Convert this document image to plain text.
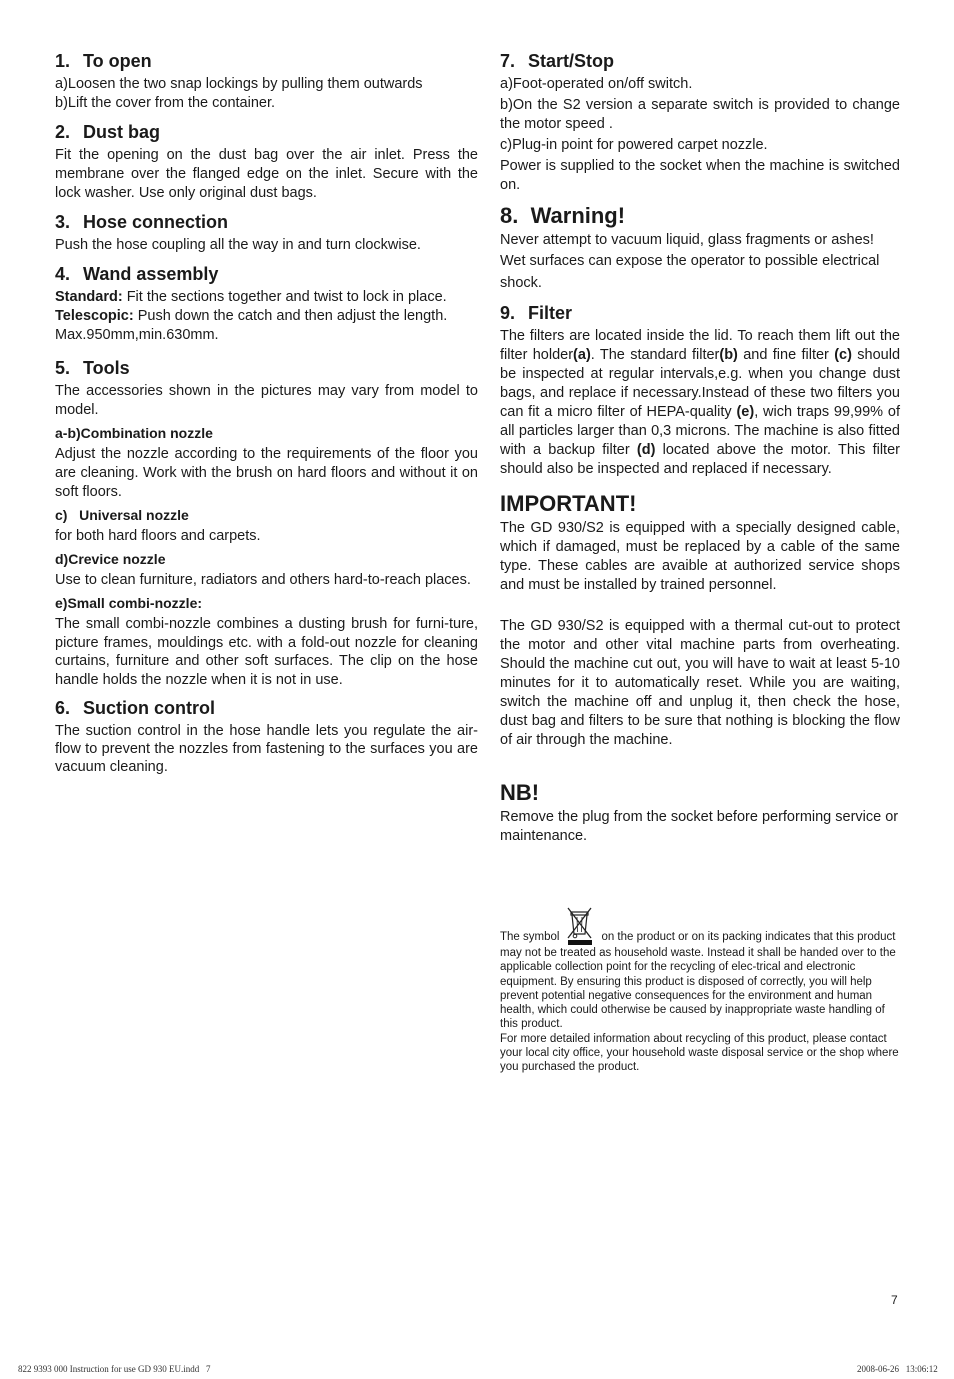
1. To open

a)Loosen the two snap lockings by pulling them outwards

b)Lift the cover from the container.

2. Dust bag

Fit the opening on the dust bag over the air inlet. Press the membrane over the flanged edge on the inlet. Secure with the lock washer. Use only original dust bags.

3. Hose connection

Push the hose coupling all the way in and turn clockwise.

4. Wand assembly

Standard: Fit the sections together and twist to lock in place.

Telescopic: Push down the catch and then adjust the length. Max.950mm,min.630mm.

5. Tools

The accessories shown in the pictures may vary from model to model.

a-b)Combination nozzle

Adjust the nozzle according to the requirements of the floor you are cleaning. Work with the brush on hard floors and without it on soft floors.

c)   Universal nozzle

for both hard floors and carpets.

d)Crevice nozzle

Use to clean furniture, radiators and others hard-to-reach places.

e)Small combi-nozzle:

The small combi-nozzle combines a dusting brush for furni-ture, picture frames, mouldings etc. with a fold-out nozzle for cleaning curtains, furniture and other soft surfaces. The clip on the hose handle holds the nozzle when it is not in use.

6. Suction control

The suction control in the hose handle lets you regulate the air-flow to prevent the nozzles from fastening to the surfaces you are vacuum cleaning.

7. Start/Stop

a)Foot-operated on/off switch.

b)On the S2 version a separate switch is provided to change the motor speed .

c)Plug-in point for powered carpet nozzle.

Power is supplied to the socket when the machine is switched on.

8.  Warning!

Never attempt to vacuum liquid, glass fragments or ashes!

Wet surfaces can expose the operator to possible electrical shock.

9. Filter

The filters are located inside the lid. To reach them lift out the filter holder(a). The standard filter(b) and fine filter (c) should be inspected at regular intervals,e.g. when you change dust bags, and replace if necessary.Instead of these two filters you can fit a micro filter of HEPA-quality (e), wich traps 99,99% of all particles larger than 0,3 microns. The machine is also fitted with a backup filter (d) located above the motor. This filter should also be inspected and replaced if necessary.

IMPORTANT!

The GD 930/S2 is equipped with a specially designed cable, which if damaged, must be replaced by a cable of the same type. These cables are avaible at authorized service shops and must be installed by trained personnel.

The GD 930/S2 is equipped with a thermal cut-out to protect the motor and other vital machine parts from overheating. Should the machine cut out, you will have to wait at least 5-10 minutes for it to automatically reset. While you are waiting, switch the machine off and unplug it, then check the hose, dust bag and filters to be sure that nothing is blocking the flow of air through the machine.

NB!

Remove the plug from the socket before performing service or maintenance.

The symbol	on the product or on its packing indicates that this product may not be treated as household waste. Instead it shall be handed over to the applicable collection point for the recycling of elec-trical and electronic equipment. By ensuring this product is disposed of correctly, you will help prevent potential negative consequences for the environment and human health, which could otherwise be caused by inappropriate waste handling of this product.
For more detailed information about recycling of this product, please contact your local city office, your household waste disposal service or the shop where you purchased the product.
7
822 9393 000 Instruction for use GD 930 EU.indd   7	2008-06-26   13:06:12
